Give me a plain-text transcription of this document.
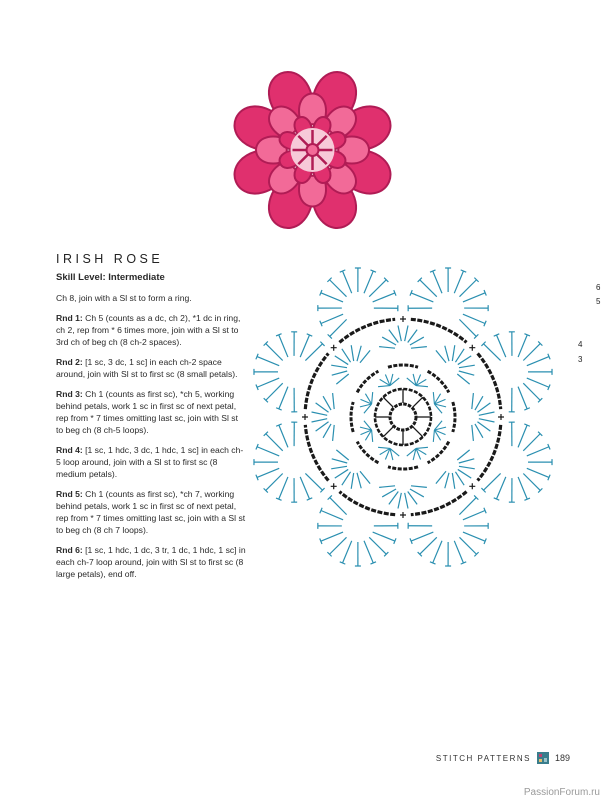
IRISH ROSE
Skill Level: Intermediate
Ch 8, join with a Sl st to form a ring.
Rnd 1: Ch 5 (counts as a dc, ch 2), *1 dc in ring, ch 2, rep from * 6 times more, join with a Sl st to 3rd ch of beg ch (8 ch-2 spaces).
Rnd 2: [1 sc, 3 dc, 1 sc] in each ch-2 space around, join with Sl st to first sc (8 small petals).
Rnd 3: Ch 1 (counts as first sc), *ch 5, working behind petals, work 1 sc in first sc of next petal, rep from * 7 times omitting last sc, join with Sl st to beg ch (8 ch-5 loops).
Rnd 4: [1 sc, 1 hdc, 3 dc, 1 hdc, 1 sc] in each ch-5 loop around, join with a Sl st to first sc (8 medium petals).
Rnd 5: Ch 1 (counts as first sc), *ch 7, working behind petals, work 1 sc in first sc of next petal, rep from * 7 times omitting last sc, join with a Sl st to beg ch (8 ch 7 loops).
Rnd 6: [1 sc, 1 hdc, 1 dc, 3 tr, 1 dc, 1 hdc, 1 sc] in each ch-7 loop around, join with Sl st to first sc (8 large petals), end off.
6
5
4
3
STITCH PATTERNS	189
PassionForum.ru
